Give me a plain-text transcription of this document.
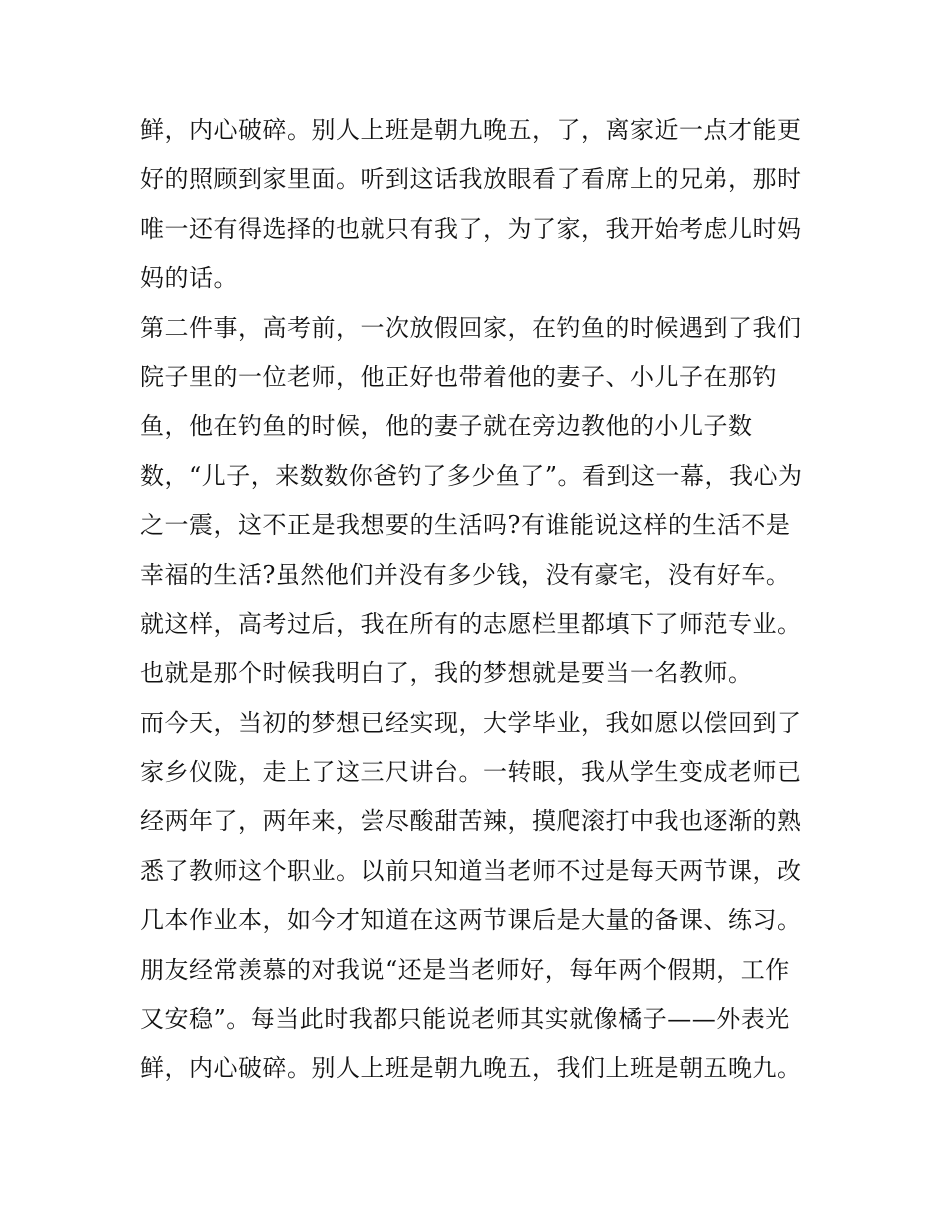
鲜，内心破碎。别人上班是朝九晚五，了，离家近一点才能更
好的照顾到家里面。听到这话我放眼看了看席上的兄弟，那时
唯一还有得选择的也就只有我了，为了家，我开始考虑儿时妈
妈的话。
第二件事，高考前，一次放假回家，在钓鱼的时候遇到了我们
院子里的一位老师，他正好也带着他的妻子、小儿子在那钓
鱼，他在钓鱼的时候，他的妻子就在旁边教他的小儿子数
数，“儿子，来数数你爸钓了多少鱼了”。看到这一幕，我心为
之一震，这不正是我想要的生活吗?有谁能说这样的生活不是
幸福的生活?虽然他们并没有多少钱，没有豪宅，没有好车。
就这样，高考过后，我在所有的志愿栏里都填下了师范专业。
也就是那个时候我明白了，我的梦想就是要当一名教师。
而今天，当初的梦想已经实现，大学毕业，我如愿以偿回到了
家乡仪陇，走上了这三尺讲台。一转眼，我从学生变成老师已
经两年了，两年来，尝尽酸甜苦辣，摸爬滚打中我也逐渐的熟
悉了教师这个职业。以前只知道当老师不过是每天两节课，改
几本作业本，如今才知道在这两节课后是大量的备课、练习。
朋友经常羡慕的对我说“还是当老师好，每年两个假期，工作
又安稳”。每当此时我都只能说老师其实就像橘子——外表光
鲜，内心破碎。别人上班是朝九晚五，我们上班是朝五晚九。
